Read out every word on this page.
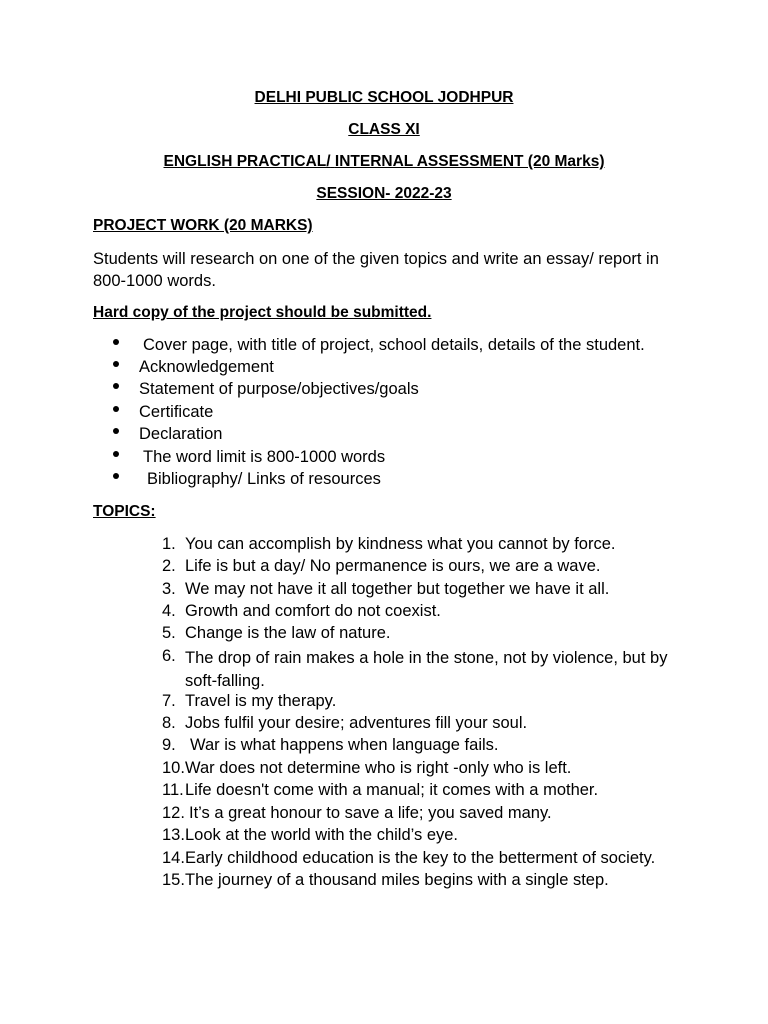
DELHI PUBLIC SCHOOL JODHPUR
CLASS XI
ENGLISH PRACTICAL/ INTERNAL ASSESSMENT (20 Marks)
SESSION- 2022-23
PROJECT WORK (20 MARKS)
Students will research on one of the given topics and write an essay/ report in 800-1000 words.
Hard copy of the project should be submitted.
Cover page, with title of project, school details, details of the student.
Acknowledgement
Statement of purpose/objectives/goals
Certificate
Declaration
The word limit is 800-1000 words
Bibliography/ Links of resources
TOPICS:
1. You can accomplish by kindness what you cannot by force.
2. Life is but a day/ No permanence is ours, we are a wave.
3. We may not have it all together but together we have it all.
4. Growth and comfort do not coexist.
5. Change is the law of nature.
6. The drop of rain makes a hole in the stone, not by violence, but by soft-falling.
7. Travel is my therapy.
8. Jobs fulfil your desire; adventures fill your soul.
9. War is what happens when language fails.
10. War does not determine who is right -only who is left.
11. Life doesn't come with a manual; it comes with a mother.
12. It’s a great honour to save a life; you saved many.
13. Look at the world with the child’s eye.
14. Early childhood education is the key to the betterment of society.
15. The journey of a thousand miles begins with a single step.
